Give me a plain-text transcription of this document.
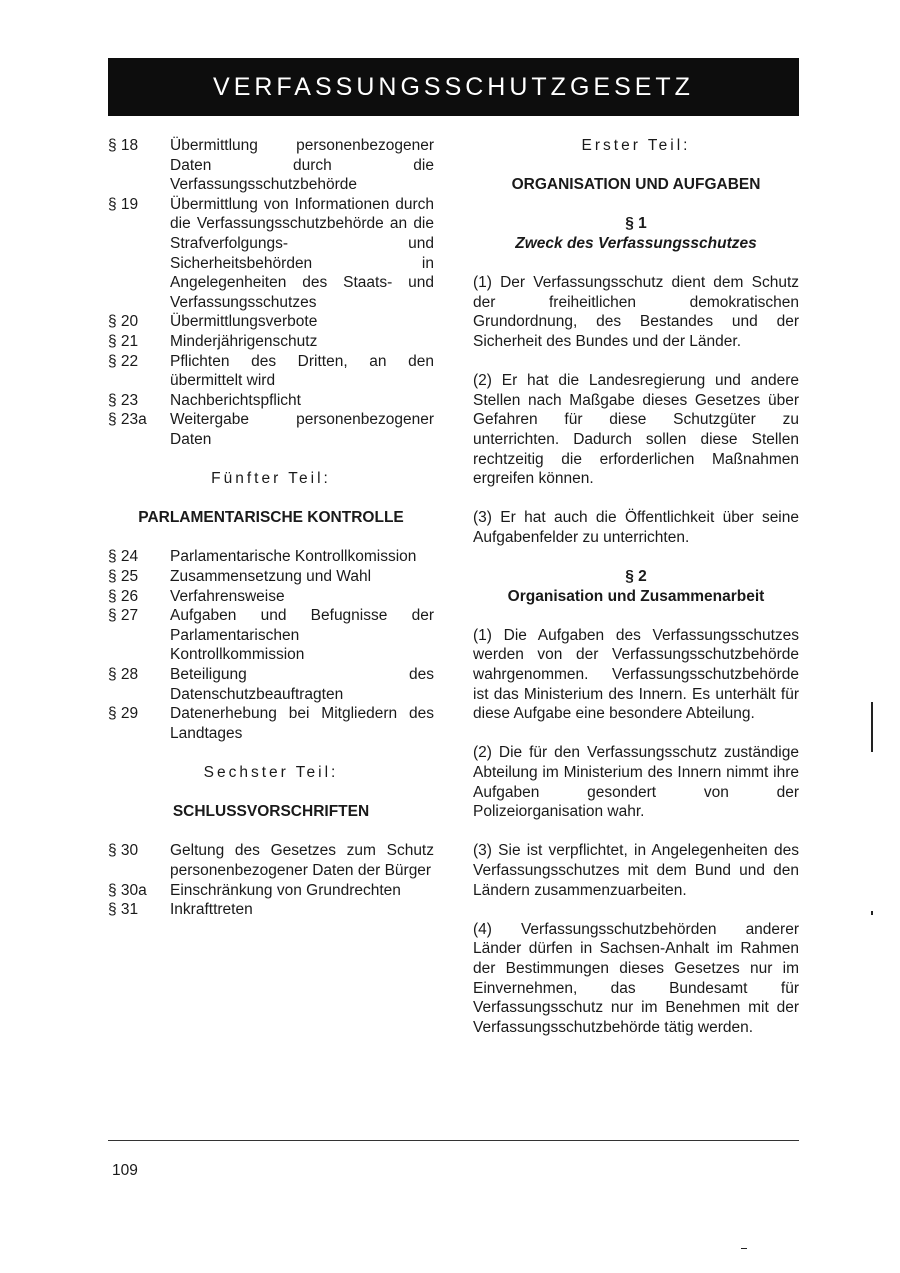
VERFASSUNGSSCHUTZGESETZ
§ 18	Übermittlung personenbezogener Daten durch die Verfassungsschutzbehörde
§ 19	Übermittlung von Informationen durch die Verfassungsschutzbehörde an die Strafverfolgungs- und Sicherheitsbehörden in Angelegenheiten des Staats- und Verfassungsschutzes
§ 20	Übermittlungsverbote
§ 21	Minderjährigenschutz
§ 22	Pflichten des Dritten, an den übermittelt wird
§ 23	Nachberichtspflicht
§ 23a	Weitergabe personenbezogener Daten
Fünfter Teil:
PARLAMENTARISCHE KONTROLLE
§ 24	Parlamentarische Kontrollkomission
§ 25	Zusammensetzung und Wahl
§ 26	Verfahrensweise
§ 27	Aufgaben und Befugnisse der Parlamentarischen Kontrollkommission
§ 28	Beteiligung des Datenschutzbeauftragten
§ 29	Datenerhebung bei Mitgliedern des Landtages
Sechster Teil:
SCHLUSSVORSCHRIFTEN
§ 30	Geltung des Gesetzes zum Schutz personenbezogener Daten der Bürger
§ 30a	Einschränkung von Grundrechten
§ 31	Inkrafttreten
Erster Teil:
ORGANISATION UND AUFGABEN
§ 1
Zweck des Verfassungsschutzes
(1) Der Verfassungsschutz dient dem Schutz der freiheitlichen demokratischen Grundordnung, des Bestandes und der Sicherheit des Bundes und der Länder.
(2) Er hat die Landesregierung und andere Stellen nach Maßgabe dieses Gesetzes über Gefahren für diese Schutzgüter zu unterrichten. Dadurch sollen diese Stellen rechtzeitig die erforderlichen Maßnahmen ergreifen können.
(3) Er hat auch die Öffentlichkeit über seine Aufgabenfelder zu unterrichten.
§ 2
Organisation und Zusammenarbeit
(1) Die Aufgaben des Verfassungsschutzes werden von der Verfassungsschutzbehörde wahrgenommen. Verfassungsschutzbehörde ist das Ministerium des Innern. Es unterhält für diese Aufgabe eine besondere Abteilung.
(2) Die für den Verfassungsschutz zuständige Abteilung im Ministerium des Innern nimmt ihre Aufgaben gesondert von der Polizeiorganisation wahr.
(3) Sie ist verpflichtet, in Angelegenheiten des Verfassungsschutzes mit dem Bund und den Ländern zusammenzuarbeiten.
(4) Verfassungsschutzbehörden anderer Länder dürfen in Sachsen-Anhalt im Rahmen der Bestimmungen dieses Gesetzes nur im Einvernehmen, das Bundesamt für Verfassungsschutz nur im Benehmen mit der Verfassungsschutzbehörde tätig werden.
109
